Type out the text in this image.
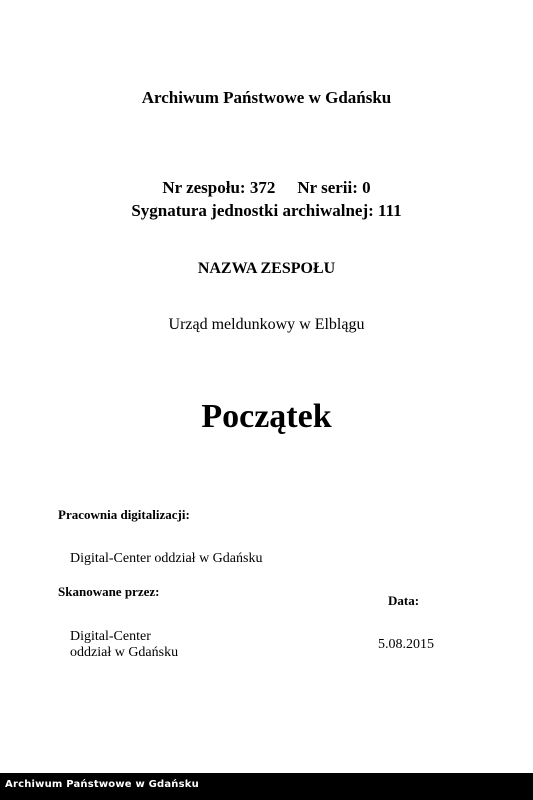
Archiwum Państwowe w Gdańsku
Nr zespołu: 372 Nr serii: 0
Sygnatura jednostki archiwalnej: 111
NAZWA ZESPOŁU
Urząd meldunkowy w Elblągu
Początek
Pracownia digitalizacji:
Digital-Center oddział w Gdańsku
Skanowane przez:
Data:
Digital-Center
oddział w Gdańsku
5.08.2015
Archiwum Państwowe w Gdańsku
